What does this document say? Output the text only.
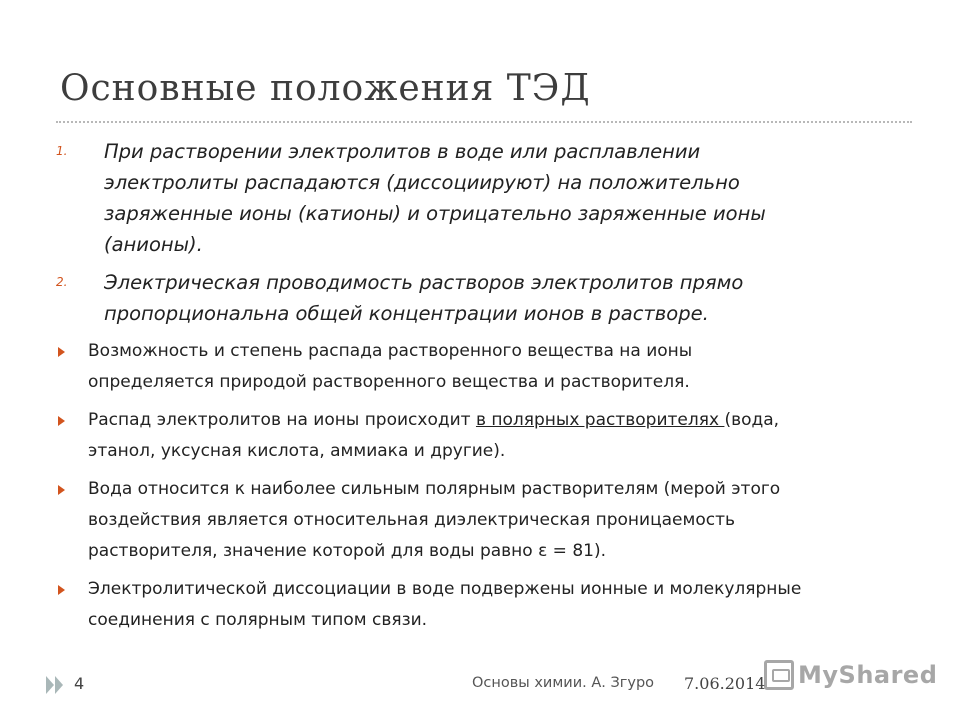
Основные положения ТЭД
1. При растворении электролитов в воде или расплавлении
электролиты распадаются (диссоциируют) на положительно
заряженные ионы (катионы) и отрицательно заряженные ионы
(анионы).
2. Электрическая проводимость растворов электролитов прямо
пропорциональна общей концентрации ионов в растворе.
Возможность и степень распада растворенного вещества на ионы
определяется природой растворенного вещества и растворителя.
Распад электролитов на ионы происходит в полярных растворителях (вода,
этанол, уксусная кислота, аммиака и другие).
Вода относится к наиболее сильным полярным растворителям (мерой этого
воздействия является относительная диэлектрическая проницаемость
растворителя, значение которой для воды равно ε = 81).
Электролитической диссоциации в воде подвержены ионные и молекулярные
соединения с полярным типом связи.
4	Основы химии. А. Згуро 7.06.2014 MyShared
